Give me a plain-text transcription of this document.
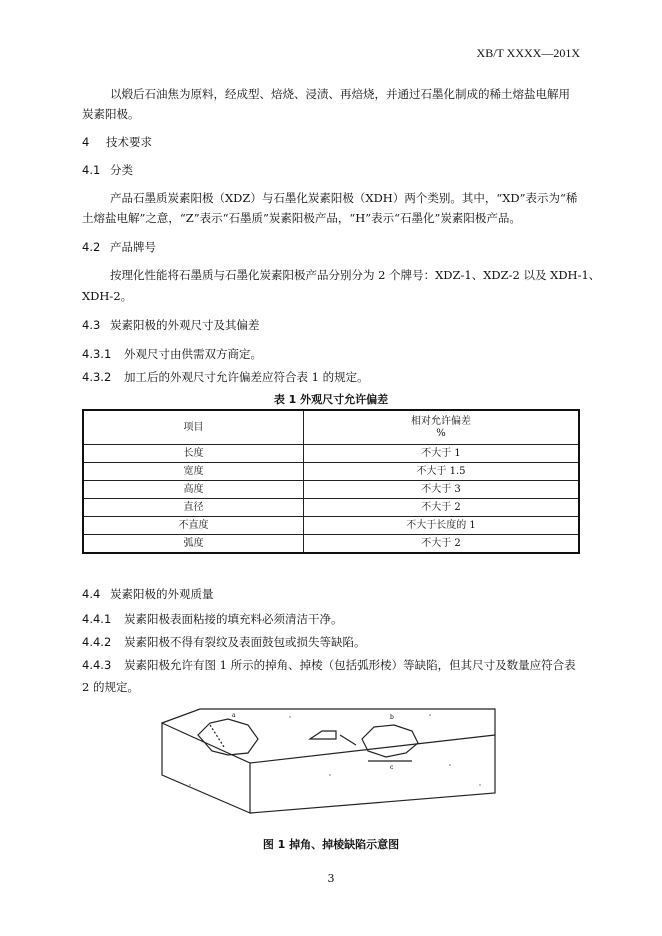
XB/T XXXX—201X
以煅后石油焦为原料，经成型、焙烧、浸渍、再焙烧，并通过石墨化制成的稀土熔盐电解用
炭素阳极。
4 技术要求
4.1 分类
产品石墨质炭素阳极（XDZ）与石墨化炭素阳极（XDH）两个类别。其中，“XD”表示为“稀
土熔盐电解”之意，“Z”表示“石墨质”炭素阳极产品，“H”表示“石墨化”炭素阳极产品。
4.2 产品牌号
按理化性能将石墨质与石墨化炭素阳极产品分别分为 2 个牌号：XDZ-1、XDZ-2 以及 XDH-1、
XDH-2。
4.3 炭素阳极的外观尺寸及其偏差
4.3.1 外观尺寸由供需双方商定。
4.3.2 加工后的外观尺寸允许偏差应符合表 1 的规定。
表 1 外观尺寸允许偏差
项目	相对允许偏差
%

长度	不大于 1
宽度	不大于 1.5
高度	不大于 3
直径	不大于 2
不直度	不大于长度的 1
弧度	不大于 2
4.4 炭素阳极的外观质量
4.4.1 炭素阳极表面粘接的填充料必须清洁干净。
4.4.2 炭素阳极不得有裂纹及表面鼓包或损失等缺陷。
4.4.3 炭素阳极允许有图 1 所示的掉角、掉棱（包括弧形棱）等缺陷，但其尺寸及数量应符合表
2 的规定。
a	b
c
图 1 掉角、掉棱缺陷示意图
3
